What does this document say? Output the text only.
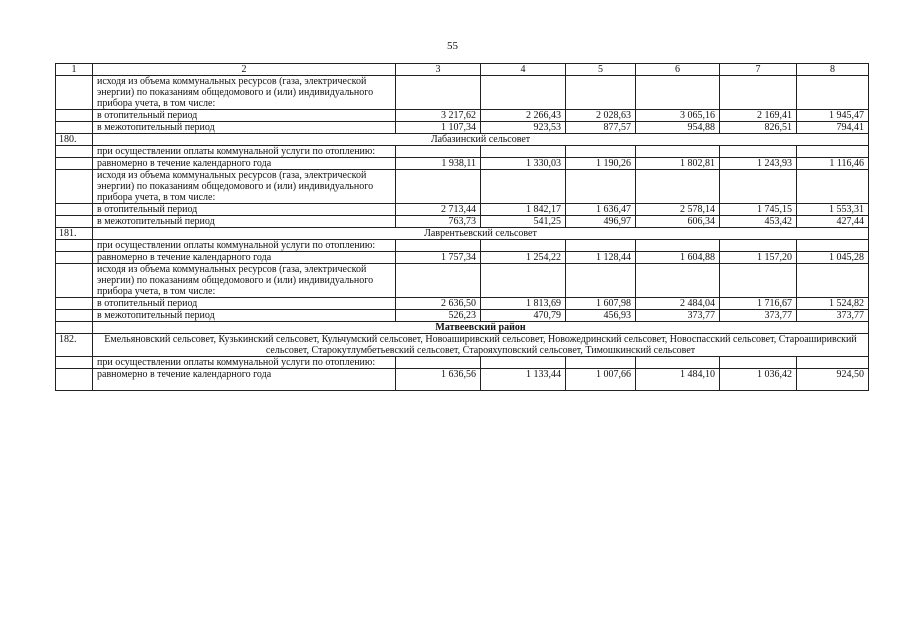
55
1	2	3	4	5	6	7	8
	исходя из объема коммунальных ресурсов (газа, электрической энергии) по показаниям общедомового и (или) индивидуального прибора учета, в том числе:						
	в отопительный период	3 217,62	2 266,43	2 028,63	3 065,16	2 169,41	1 945,47
	в межотопительный период	1 107,34	923,53	877,57	954,88	826,51	794,41
180.	Лабазинский сельсовет						
	при осуществлении оплаты коммунальной услуги по отоплению:						
	равномерно в течение календарного года	1 938,11	1 330,03	1 190,26	1 802,81	1 243,93	1 116,46
	исходя из объема коммунальных ресурсов (газа, электрической энергии) по показаниям общедомового и (или) индивидуального прибора учета, в том числе:						
	в отопительный период	2 713,44	1 842,17	1 636,47	2 578,14	1 745,15	1 553,31
	в межотопительный период	763,73	541,25	496,97	606,34	453,42	427,44
181.	Лаврентьевский сельсовет						
	при осуществлении оплаты коммунальной услуги по отоплению:						
	равномерно в течение календарного года	1 757,34	1 254,22	1 128,44	1 604,88	1 157,20	1 045,28
	исходя из объема коммунальных ресурсов (газа, электрической энергии) по показаниям общедомового и (или) индивидуального прибора учета, в том числе:						
	в отопительный период	2 636,50	1 813,69	1 607,98	2 484,04	1 716,67	1 524,82
	в межотопительный период	526,23	470,79	456,93	373,77	373,77	373,77
	Матвеевский район						
182.	Емельяновский сельсовет, Кузькинский сельсовет, Кульчумский сельсовет, Новоаширивский сельсовет, Новожедринский сельсовет, Новоспасский сельсовет, Староаширивский сельсовет, Старокутлумбетьевский сельсовет, Старояхуповский сельсовет, Тимошкинский сельсовет						
	при осуществлении оплаты коммунальной услуги по отоплению:						
	равномерно в течение календарного года	1 636,56	1 133,44	1 007,66	1 484,10	1 036,42	924,50
